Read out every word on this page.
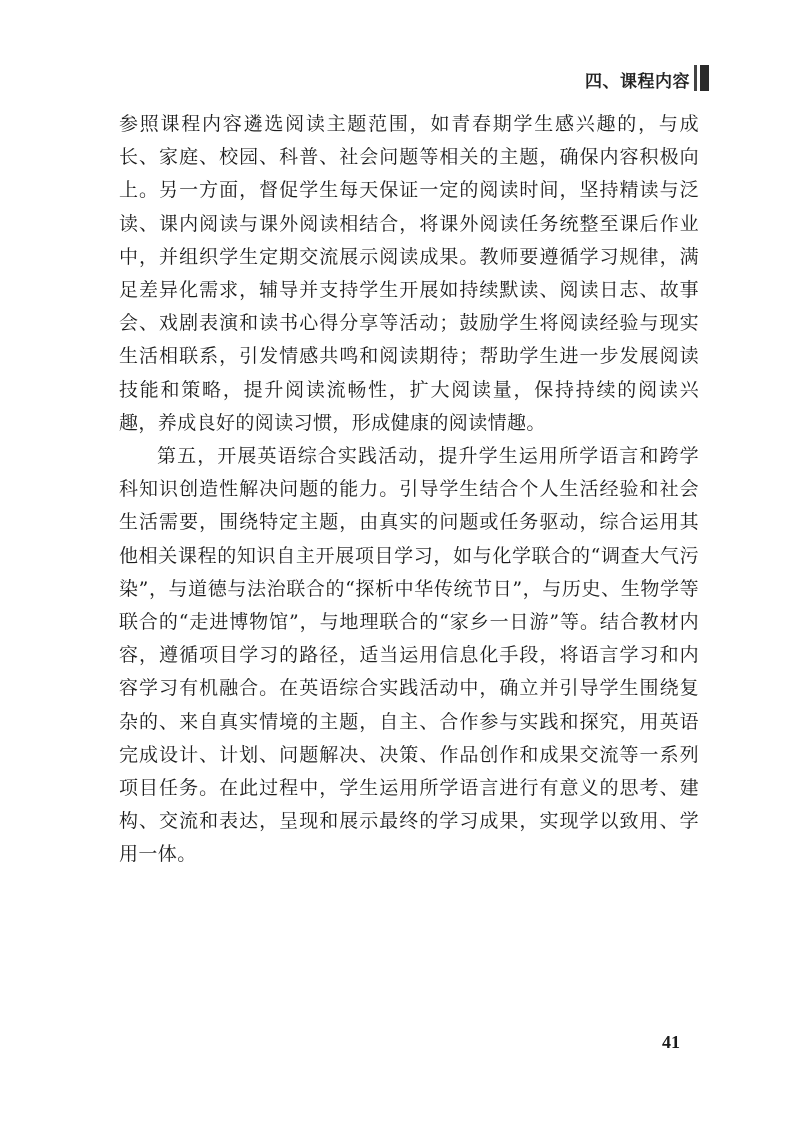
四、课程内容

参照课程内容遴选阅读主题范围，如青春期学生感兴趣的，与成长、家庭、校园、科普、社会问题等相关的主题，确保内容积极向上。另一方面，督促学生每天保证一定的阅读时间，坚持精读与泛读、课内阅读与课外阅读相结合，将课外阅读任务统整至课后作业中，并组织学生定期交流展示阅读成果。教师要遵循学习规律，满足差异化需求，辅导并支持学生开展如持续默读、阅读日志、故事会、戏剧表演和读书心得分享等活动；鼓励学生将阅读经验与现实生活相联系，引发情感共鸣和阅读期待；帮助学生进一步发展阅读技能和策略，提升阅读流畅性，扩大阅读量，保持持续的阅读兴趣，养成良好的阅读习惯，形成健康的阅读情趣。

第五，开展英语综合实践活动，提升学生运用所学语言和跨学科知识创造性解决问题的能力。引导学生结合个人生活经验和社会生活需要，围绕特定主题，由真实的问题或任务驱动，综合运用其他相关课程的知识自主开展项目学习，如与化学联合的“调查大气污染”，与道德与法治联合的“探析中华传统节日”，与历史、生物学等联合的“走进博物馆”，与地理联合的“家乡一日游”等。结合教材内容，遵循项目学习的路径，适当运用信息化手段，将语言学习和内容学习有机融合。在英语综合实践活动中，确立并引导学生围绕复杂的、来自真实情境的主题，自主、合作参与实践和探究，用英语完成设计、计划、问题解决、决策、作品创作和成果交流等一系列项目任务。在此过程中，学生运用所学语言进行有意义的思考、建构、交流和表达，呈现和展示最终的学习成果，实现学以致用、学用一体。

41
